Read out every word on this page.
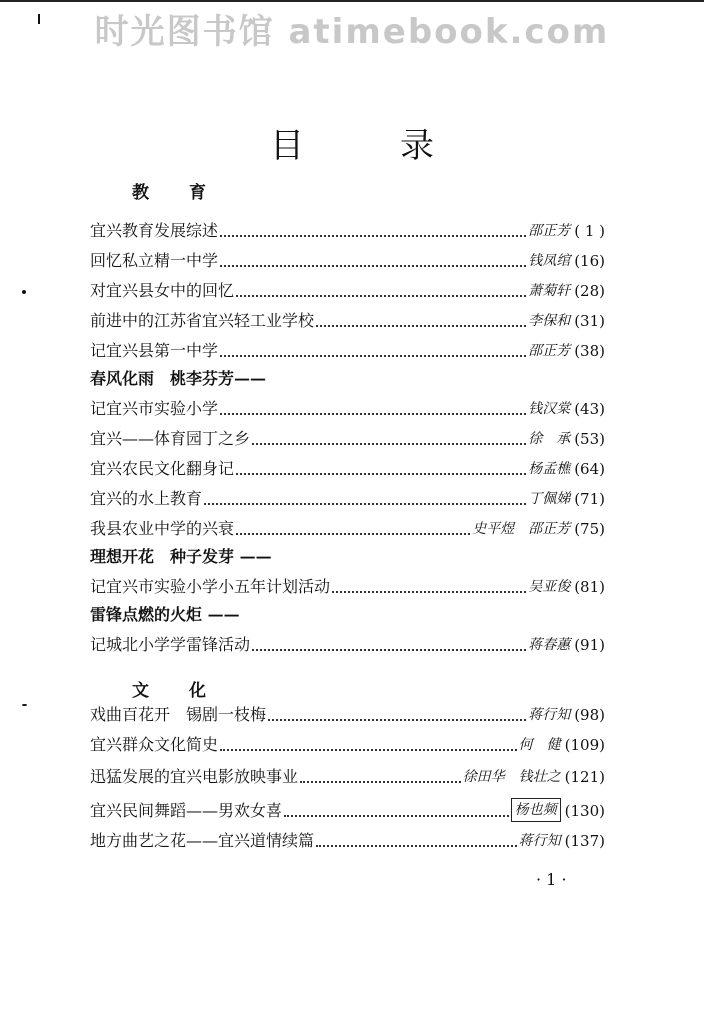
时光图书馆 atimebook.com
目录
教育
宜兴教育发展综述	邵正芳 ( 1 )
回忆私立精一中学	钱凤绾 (16)
对宜兴县女中的回忆	萧菊轩 (28)
前进中的江苏省宜兴轻工业学校	李保和 (31)
记宜兴县第一中学	邵正芳 (38)
春风化雨　桃李芬芳——
记宜兴市实验小学	钱汉棠 (43)
宜兴——体育园丁之乡	徐　承 (53)
宜兴农民文化翻身记	杨孟樵 (64)
宜兴的水上教育	丁佩娣 (71)
我县农业中学的兴衰	史平煜　邵正芳 (75)
理想开花　种子发芽 ——
记宜兴市实验小学小五年计划活动	吴亚俊 (81)
雷锋点燃的火炬 ——
记城北小学学雷锋活动	蒋春蕙 (91)
戏曲百花开　锡剧一枝梅	蒋行知 (98)
宜兴群众文化简史	何　健 (109)
迅猛发展的宜兴电影放映事业	徐田华　钱壮之 (121)
宜兴民间舞蹈——男欢女喜	杨也频 (130)
地方曲艺之花——宜兴道情续篇	蒋行知 (137)
文化
· 1 ·
